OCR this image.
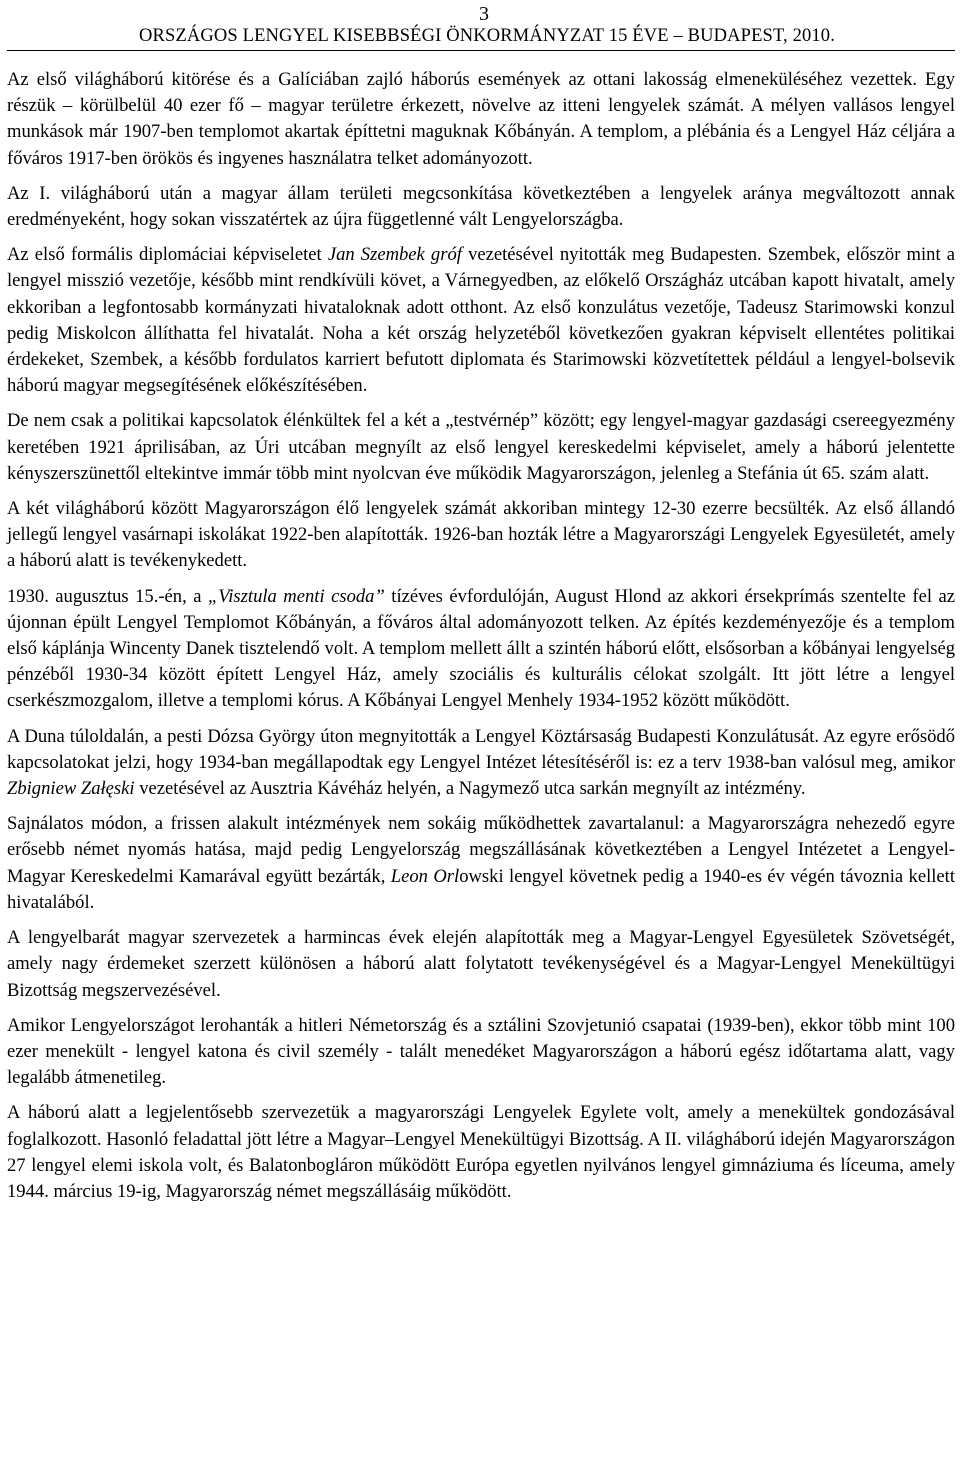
3
ORSZÁGOS LENGYEL KISEBBSÉGI ÖNKORMÁNYZAT 15 ÉVE – BUDAPEST, 2010.

Az első világháború kitörése és a Galíciában zajló háborús események az ottani lakosság elmeneküléséhez vezettek. Egy részük – körülbelül 40 ezer fő – magyar területre érkezett, növelve az itteni lengyelek számát. A mélyen vallásos lengyel munkások már 1907-ben templomot akartak építtetni maguknak Kőbányán. A templom, a plébánia és a Lengyel Ház céljára a főváros 1917-ben örökös és ingyenes használatra telket adományozott.

Az I. világháború után a magyar állam területi megcsonkítása következtében a lengyelek aránya megváltozott annak eredményeként, hogy sokan visszatértek az újra függetlenné vált Lengyelországba.

Az első formális diplomáciai képviseletet Jan Szembek gróf vezetésével nyitották meg Budapesten. Szembek, először mint a lengyel misszió vezetője, később mint rendkívüli követ, a Várnegyedben, az előkelő Országház utcában kapott hivatalt, amely ekkoriban a legfontosabb kormányzati hivataloknak adott otthont. Az első konzulátus vezetője, Tadeusz Starimowski konzul pedig Miskolcon állíthatta fel hivatalát. Noha a két ország helyzetéből következően gyakran képviselt ellentétes politikai érdekeket, Szembek, a később fordulatos karriert befutott diplomata és Starimowski közvetítettek például a lengyel-bolsevik háború magyar megsegítésének előkészítésében.

De nem csak a politikai kapcsolatok élénkültek fel a két a „testvérnép” között; egy lengyel-magyar gazdasági csereegyezmény keretében 1921 áprilisában, az Úri utcában megnyílt az első lengyel kereskedelmi képviselet, amely a háború jelentette kényszerszünettől eltekintve immár több mint nyolcvan éve működik Magyarországon, jelenleg a Stefánia út 65. szám alatt.

A két világháború között Magyarországon élő lengyelek számát akkoriban mintegy 12-30 ezerre becsülték. Az első állandó jellegű lengyel vasárnapi iskolákat 1922-ben alapították. 1926-ban hozták létre a Magyarországi Lengyelek Egyesületét, amely a háború alatt is tevékenykedett.

1930. augusztus 15.-én, a „Visztula menti csoda” tízéves évfordulóján, August Hlond az akkori érsekprímás szentelte fel az újonnan épült Lengyel Templomot Kőbányán, a főváros által adományozott telken. Az építés kezdeményezője és a templom első káplánja Wincenty Danek tisztelendő volt. A templom mellett állt a szintén háború előtt, elsősorban a kőbányai lengyelség pénzéből 1930-34 között épített Lengyel Ház, amely szociális és kulturális célokat szolgált. Itt jött létre a lengyel cserkészmozgalom, illetve a templomi kórus. A Kőbányai Lengyel Menhely 1934-1952 között működött.

A Duna túloldalán, a pesti Dózsa György úton megnyitották a Lengyel Köztársaság Budapesti Konzulátusát. Az egyre erősödő kapcsolatokat jelzi, hogy 1934-ban megállapodtak egy Lengyel Intézet létesítéséről is: ez a terv 1938-ban valósul meg, amikor Zbigniew Załęski vezetésével az Ausztria Kávéház helyén, a Nagymező utca sarkán megnyílt az intézmény.

Sajnálatos módon, a frissen alakult intézmények nem sokáig működhettek zavartalanul: a Magyarországra nehezedő egyre erősebb német nyomás hatása, majd pedig Lengyelország megszállásának következtében a Lengyel Intézetet a Lengyel-Magyar Kereskedelmi Kamarával együtt bezárták, Leon Orlowski lengyel követnek pedig a 1940-es év végén távoznia kellett hivatalából.

A lengyelbarát magyar szervezetek a harmincas évek elején alapították meg a Magyar-Lengyel Egyesületek Szövetségét, amely nagy érdemeket szerzett különösen a háború alatt folytatott tevékenységével és a Magyar-Lengyel Menekültügyi Bizottság megszervezésével.

Amikor Lengyelországot lerohanták a hitleri Németország és a sztálini Szovjetunió csapatai (1939-ben), ekkor több mint 100 ezer menekült - lengyel katona és civil személy - talált menedéket Magyarországon a háború egész időtartama alatt, vagy legalább átmenetileg.

A háború alatt a legjelentősebb szervezetük a magyarországi Lengyelek Egylete volt, amely a menekültek gondozásával foglalkozott. Hasonló feladattal jött létre a Magyar–Lengyel Menekültügyi Bizottság. A II. világháború idején Magyarországon 27 lengyel elemi iskola volt, és Balatonbogláron működött Európa egyetlen nyilvános lengyel gimnáziuma és líceuma, amely 1944. március 19-ig, Magyarország német megszállásáig működött.
